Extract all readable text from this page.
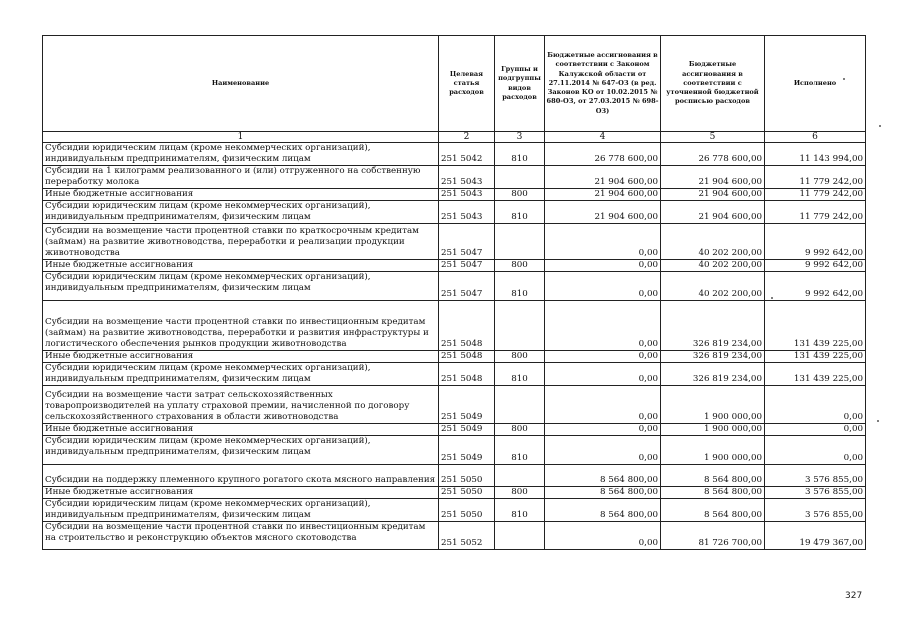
Наименование	Целевая статья расходов	Группы и подгруппы видов расходов	Бюджетные ассигнования в соответствии с Законом Калужской области от 27.11.2014 № 647-ОЗ (в ред. Законов КО от 10.02.2015 № 680-ОЗ, от 27.03.2015 № 698-ОЗ)	Бюджетные ассигнования в соответствии с уточненной бюджетной росписью расходов	Исполнено
1	2	3	4	5	6
Субсидии юридическим лицам (кроме некоммерческих организаций), индивидуальным предпринимателям, физическим лицам	251 5042	810	26 778 600,00	26 778 600,00	11 143 994,00
Субсидии на 1 килограмм реализованного и (или) отгруженного на собственную переработку молока	251 5043		21 904 600,00	21 904 600,00	11 779 242,00
Иные бюджетные ассигнования	251 5043	800	21 904 600,00	21 904 600,00	11 779 242,00
Субсидии юридическим лицам (кроме некоммерческих организаций), индивидуальным предпринимателям, физическим лицам	251 5043	810	21 904 600,00	21 904 600,00	11 779 242,00
Субсидии на возмещение части процентной ставки по краткосрочным кредитам (займам) на развитие животноводства, переработки и реализации продукции животноводства	251 5047		0,00	40 202 200,00	9 992 642,00
Иные бюджетные ассигнования	251 5047	800	0,00	40 202 200,00	9 992 642,00
Субсидии юридическим лицам (кроме некоммерческих организаций), индивидуальным предпринимателям, физическим лицам	251 5047	810	0,00	40 202 200,00	9 992 642,00
Субсидии на возмещение части процентной ставки по инвестиционным кредитам (займам) на развитие животноводства, переработки и развития инфраструктуры и логистического обеспечения рынков продукции животноводства	251 5048		0,00	326 819 234,00	131 439 225,00
Иные бюджетные ассигнования	251 5048	800	0,00	326 819 234,00	131 439 225,00
Субсидии юридическим лицам (кроме некоммерческих организаций), индивидуальным предпринимателям, физическим лицам	251 5048	810	0,00	326 819 234,00	131 439 225,00
Субсидии на возмещение части затрат сельскохозяйственных товаропроизводителей на уплату страховой премии, начисленной по договору сельскохозяйственного страхования в области животноводства	251 5049		0,00	1 900 000,00	0,00
Иные бюджетные ассигнования	251 5049	800	0,00	1 900 000,00	0,00
Субсидии юридическим лицам (кроме некоммерческих организаций), индивидуальным предпринимателям, физическим лицам	251 5049	810	0,00	1 900 000,00	0,00
Субсидии на поддержку племенного крупного рогатого скота мясного направления	251 5050		8 564 800,00	8 564 800,00	3 576 855,00
Иные бюджетные ассигнования	251 5050	800	8 564 800,00	8 564 800,00	3 576 855,00
Субсидии юридическим лицам (кроме некоммерческих организаций), индивидуальным предпринимателям, физическим лицам	251 5050	810	8 564 800,00	8 564 800,00	3 576 855,00
Субсидии на возмещение части процентной ставки по инвестиционным кредитам на строительство и реконструкцию объектов мясного скотоводства	251 5052		0,00	81 726 700,00	19 479 367,00
327
